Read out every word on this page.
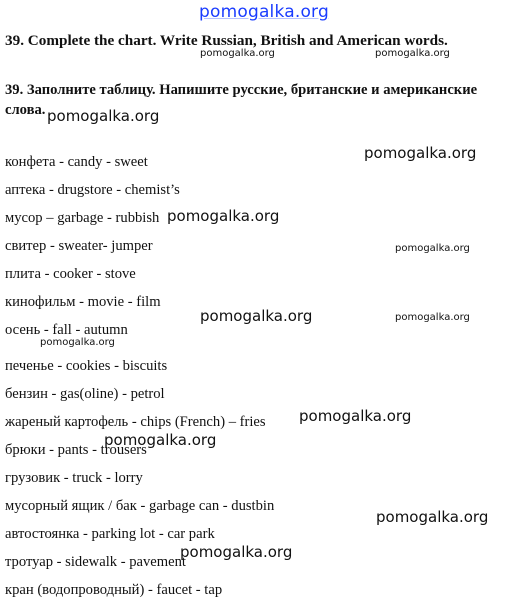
pomogalka.org
39. Complete the chart. Write Russian, British and American words.
39. Заполните таблицу. Напишите русские, британские и американские слова.
конфета - candy - sweet
аптека - drugstore - chemist’s
мусор – garbage - rubbish
свитер - sweater- jumper
плита - cooker - stove
кинофильм - movie - film
осень - fall - autumn
печенье - cookies - biscuits
бензин - gas(oline) - petrol
жареный картофель - chips (French) – fries
брюки - pants - trousers
грузовик - truck - lorry
мусорный ящик / бак - garbage can - dustbin
автостоянка - parking lot - car park
тротуар - sidewalk - pavement
кран (водопроводный) - faucet - tap
pomogalka.org	pomogalka.org
pomogalka.org
pomogalka.org
pomogalka.org
pomogalka.org
pomogalka.org	pomogalka.org
pomogalka.org
pomogalka.org
pomogalka.org
pomogalka.org
pomogalka.org
